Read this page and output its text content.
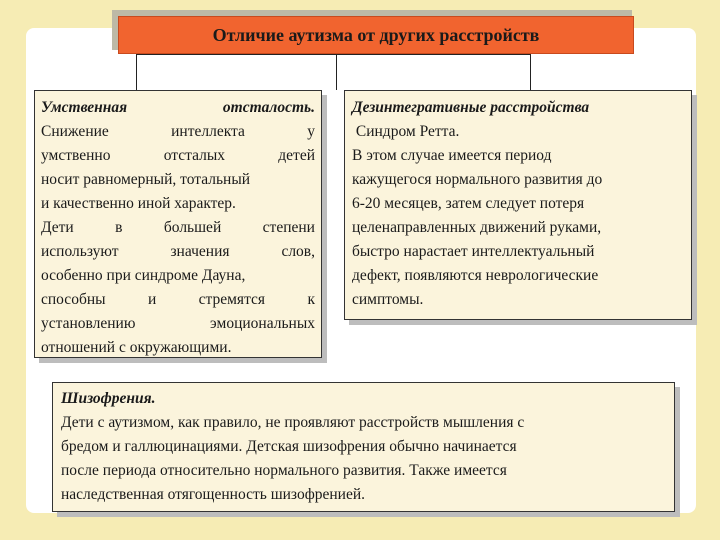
Отличие аутизма от других расстройств
Умственная	отсталость.
Снижение	интеллекта	у
умственно	отсталых	детей
носит равномерный, тотальный
и качественно иной характер.
Дети	в	большей	степени
используют	значения	слов,
особенно при синдроме Дауна,
способны	и	стремятся	к
установлению	эмоциональных
отношений с окружающими.
Дезинтегративные расстройства
Синдром Ретта.
В этом случае имеется период
кажущегося нормального развития до
6-20 месяцев, затем следует потеря
целенаправленных движений руками,
быстро нарастает интеллектуальный
дефект, появляются неврологические
симптомы.
Шизофрения.
Дети с аутизмом, как правило, не проявляют расстройств мышления с
бредом и галлюцинациями. Детская шизофрения обычно начинается
после периода относительно нормального развития. Также имеется
наследственная отягощенность шизофренией.
